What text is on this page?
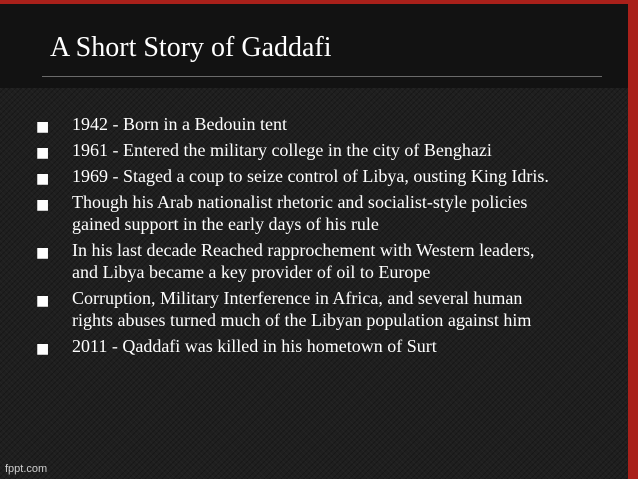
A Short Story of Gaddafi
■ 1942 - Born in a Bedouin tent
■ 1961 - Entered the military college in the city of Benghazi
■ 1969 - Staged a coup to seize control of Libya, ousting King Idris.
■ Though his Arab nationalist rhetoric and socialist-style policies gained support in the early days of his rule
■ In his last decade Reached rapprochement with Western leaders, and Libya became a key provider of oil to Europe
■ Corruption, Military Interference in Africa, and several human rights abuses turned much of the Libyan population against him
■ 2011 - Qaddafi was killed in his hometown of Surt
fppt.com
